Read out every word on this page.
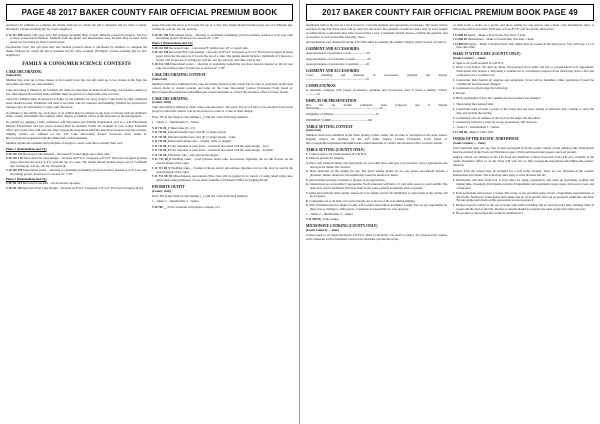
PAGE 48 2017 BAKER COUNTY FAIR OFFICIAL PREMIUM BOOK

purchased by exhibitor to complete the theme. Indicate for whom the gift is intended and for what occasion. (Example: a house-warming gift for a new neighbor.)

5 12 111 380 Senior Gift pack. Give gift package including three or more different preserved products. Use two or more preservation methods. Methods from the junior and intermediate areas division may be used. Each preserved food must be from a tested recipe.

Explanation Card: The gift pack may also include products made or purchased by exhibitor to complete the theme. Indicate for whom the gift is intended and for what occasion. (Example: a house-warming gift for new neighbors.)

FAMILY & CONSUMER SCIENCE CONTESTS
CAKE DECORATING
(State/Fair)

Member may enter up to three classes at the County level, but can only enter up to two classes at the State (no more than one entry per class number).

Cake decorating is limited to all frostings. All items on cake must be made from frosting, not fondant, candies or any other shaped decorations items. Exhibits must be placed on a disposable plate or board.

State Fair: Exhibits must be prepared at home, by the exhibitor for every project. Cake forms or other cardboard bases should be used. Exhibitors will need to box their cake for transport and handling. Exhibits not prepared for transport may be left behind at county staff discretion.

In addition to the exhibit tag, each piece of an exhibit must be labeled on the back or bottom with the member's name, county, and exhibit class number. Other display of exhibits will be at the discretion of the management.

To qualify for judging, a fully completed 4-H Exposition Arts Exhibit Explanation card or a 4-H Educational Display Explanation card (for poster classes) must be attached. Forms are available at your county Extension office and on the State 4-H web site: http://oregon.4h.oregonstate.edu/fairs-and-shows/oregon-state-fair/contests. Judging criteria are outlined on the 4-H Cake Decorating Project Scorecard form found at: http://oregon.4h.oregonstate.edu/4h-exhibit-and-contest-materials

Member applies the elements and principles of design to create work that is entirely their own.

Phase 1 (Intermediate and Up)

5 20 110 131 Decorated Cake Pedestal – decorated 8"-round single layer sheet cake.

5 20 110 1.10 Decorated Flat Cake Design – decorate an 8"x12" evergreen or 9"x13" Flat board wrapped in tissue paper. Decorate the space as if it were the top of a cake. The design should include proper use of 3 different tips, writing tip, leaf tip, star tip, and petal tip.

5 20 110 150 Educational poster – showing or explaining something you have learned, learned at or in your cake decorating project. Posters not to exceed 22" x 28".

Phase 2 (Intermediate and Up)

5 20 111 131 Decorated Cupcakes – six decorated cupcakes.

5 20 111 120 Decorated Flat Cake Design – decorate an 8"x12" evergreen or 9"x13" Flat board wrapped in any

paper. Decorate the space as if it were the top of a cake. The design should include proper use of 4 different tips, writing tip, leaf tip, star tip, petal tip.

5 20 111 150 Educational poster – showing or explaining something you have learned, learned at or in your cake decorating project. Posters not to exceed 22" x 28".

Phase 3 (Intermediate and Up)

5 20 112 130 Decorated Cake – a decorated 8" single layer 10" or round cake.

5 20 112 120 Decorated Flat Cake Design – decorate an 8"x12" evergreen or 9"x13" Flat board wrapped in tissue paper. Decorate the space as if it were the top of a cake. The design should include a minimum of 5 flowers, a border, and proper use of writing tip, leaf tip, star tip, petal tip, and other variety tips.

5 20 112 150 Educational poster – showing or explaining something you have learned, learned or did in your cake decorating project. Posters not to exceed 22" x 28".

CAKE DECORATING CONTEST
(State Fair)

Members must have exhibited in the cake decorating division at the county fair in order to participate in this state contest. Refer to current policies and rules on the Cake Decorating Contest Evaluation Form found at: http://oregon.4h.oregonstate.edu/exhibit-and-contest-materials or contact the extension office for more details.

CAKE DECORATING
(County Only)

Cake decorating is limited to white cakes, non-decorative cake pans. You do not have to be enrolled in the foods project to enter this contest. Can be decorated on a cake or a cake of sheet design.

Note: Fill in the blank in class number (_) with one of the following numbers:

1 – Junior 2 – Intermediate 3 – Senior

5 11 711 00_1 Sheet Cake (9 x 13)

5 11 711 00_2 Round double layer cake (8" or larger layers)

5 11 711 00_3 Round double layer cake (8" or larger layers) – Cake

5 11 711 00_4 Decorated shape cake – novelty, dolls, or designs

5 11 711 00_5 Four cupcakes or petit fours – creatively decorated with the same design – food

5 11 711 00_6 Four cupcakes or petit fours – creatively decorated with the same design – Fondant

5 11 711 00_7 Holiday cake – Any (decorative shape)

5 11 711 00_8 Wedding cakes – food (Choose tiered cake: decorations, figurines, but no silk flowers on the overall design of the cake)

5 11 711 00_9 Wedding cakes – Fondant (Choose tiered: decorations, figurines, but no silk, may be used in the overall design of the cake)

5 11 711 00_10 Miscellaneous decorations (This class will be judged in its variety of using liquid icing cake, rather than using techniques.) Score sheet available at Extension Office for judging details.

FAVORITE OUTFIT
(County Only)

Note: Fill in the blank in class number (_) with one of the following numbers:

1 – Junior 2 – Intermediate 3 – Senior

5 20 700 __ Each contestant will prepare a display of a

2017 BAKER COUNTY FAIR OFFICIAL PREMIUM BOOK PAGE 49

designated item at the fair on a 4'x 4' board of a favorite garment and appropriate accessories. The board will be provided by the Fair. Each piece will go only into the board. The garment or items for entry may be store bought or family made. Contestants may enter several times a year. Contestants should choose, combine the garment, and accessories as well as describe what they chose.

An explanation card obtained from the 4-H office must accompany the exhibit. Display will be scored as follows:

GARMENT AND ACCESSORIES

Appropriateness of garment to event ...................20

Appropriateness of accessories to event ...............20

Appropriateness of accessories to garment .........20

GARMENT AND ACCESSORIES

Color blending and harmony of accessories, garment and display .............................................................................10

COMPLETENESS

Is ensemble complete with proper accessories, garments and accessories, does it create a unified "whole" ..............10

DISPLAY OR PRESENTATION

Has the set design principles been followed and is display interesting..............................................................................10

Originality of Display.......................................................10

POSSIBLE SCORE...............................................100

TABLE SETTING CONTEST
(State Fair)

Members must have exhibited in the Table Setting at their county fair in order to participate in the state contest. Judging criteria are outlined on the 4-H Table Setting Contest Evaluation Form found at: http://oregon.4h.oregonstate.edu/exhibit-and-contest-materials or contact the extension office for more details.

TABLE SETTING (COUNTY ONLY)

1. Contest open to all youth enrolled in 4-H FCS.

2. Must be present for judging.

3. Place well balanced menu, one appropriate for your skill level, and type it on an index card or appropriate size and style for theme. Be creative!

4. Place materials on the setting for one. The place setting should be for one person and should include a placemat, dishes, tableware and napkin that would be needed for menu.

5. Also include beverage container or glasses as are appropriate.

6. Centerpieces are acceptable if appropriate. Each contestant will have 1/2 card table space for each exhibit. The table area will be furnished. Practical items in the same position around the table is needed.

7. Items used with the table setting contest are to be family owned. No flammable or glass items of the setting will be accepted.

8. Contestants are to do their own work. Parents are to be out of the area during judging.

9. OSU Extension Service, Baker County 4-H Leaders Association and Baker County Fair are not responsible for theft, loss or damage to table pieces. Contestant is responsible for own property.

1 – Junior 2 – Intermediate 3 – Senior

5 11 700 00_ Table setting

MICROWAVE COOKING (COUNTY ONLY)
(Foods Contest) — June)

Contest open to all youth enrolled in 4-H FCS. Dress Code Policy: No shorts or skirts. To a prepared the contest, each contestant will be furnished a microwave and must provide the recipe

for their food, a recipe on a poster, and place setting for one person, and a dress code information sheet. A microwave will be provided. Each type of food 8"x 8" will not fit into microwave.

5 11 800 01 Junior – Make a food in one. You have ½ hour.

5 11 800 02 Intermediate – Make a Scratch dish. You have 1 hour.

5 11 800 03 Senior – Make a favorite meal. Your dishes may be cooked in the microwave. You will have a 1 1/2 hour time limit.

MAKE IT WITH A MIX (COUNTY ONLY)
(Foods Contest) — June)

1. Open to all youth enrolled in 4-H FCS.

2. Dress Code Policy: No shirt no shoes. Pre-prepared food items and hot or pre-measured food ingredients. Participants will prepare a dish using a commercial or convenience prepared food which they have a first and evaluated to be a certified way.

3. Contestants must furnish all supplies and equipment. Stove will be furnished. Other appliances if need the commercial food has been changed.

4. Contestants are given judge the following:

A. Recipe

B. Brief explanation of how the commercial food product was changed

C. Showcasing the prepared dish

5. Contestants must provide a poster of the recipe and one place setting of tableware and a setting to serve the mix, and include the serving.

6. Contestants will cut samples of the food for the judge and the public.

7. Contestants will have 1 hour for set up, preparation, and clean-up.

1 – Junior 2 – Intermediate 3 – Senior

5 11 700 00_ Make it with a Mix

FOODS OF THE PACIFIC NORTHWEST
(Foods Contest) — June)

Each contestant must use any four of their participant from the county contest on the judging table. Participants must be enrolled in the Foods and Nutrition project. Each participant must prepare one food product.

Judging criteria are outlined on the 4-H Food and Nutrition Contest Scorecard form (4-H 47), available at the county Extension office or on the State 4-H web site at: http://oregon.4h.oregonstate.edu/exhibit-and-contest-materials

Recipes from the contest may be included for a 4-H recipe booklet. There are two divisions in the contest: Intermediate and Senior. The following rules apply to each division and all:

1. Participants will have from four to five tables for setup, preparation, and clean up (including cooking and baking time, if needed). Participants provide all ingredients and equipment except range, microwave oven, and refrigerator.

2. Each participant will prepare 1 recipe. The recipe, if not provided using at least 2 ingredients representative of the Pacific Northwest. Participants must make and all local product that can be prepared within the one hour. Be sure judge participant on the preparation process prepare it.

3. Recipes must be related to the use of foods with some providing will be allowed extra time. Pending times is preset and the start of the Fair. Recipes or details should not prepare the same recipe more than one year.

4. The product or the recipes that would be submitted for
